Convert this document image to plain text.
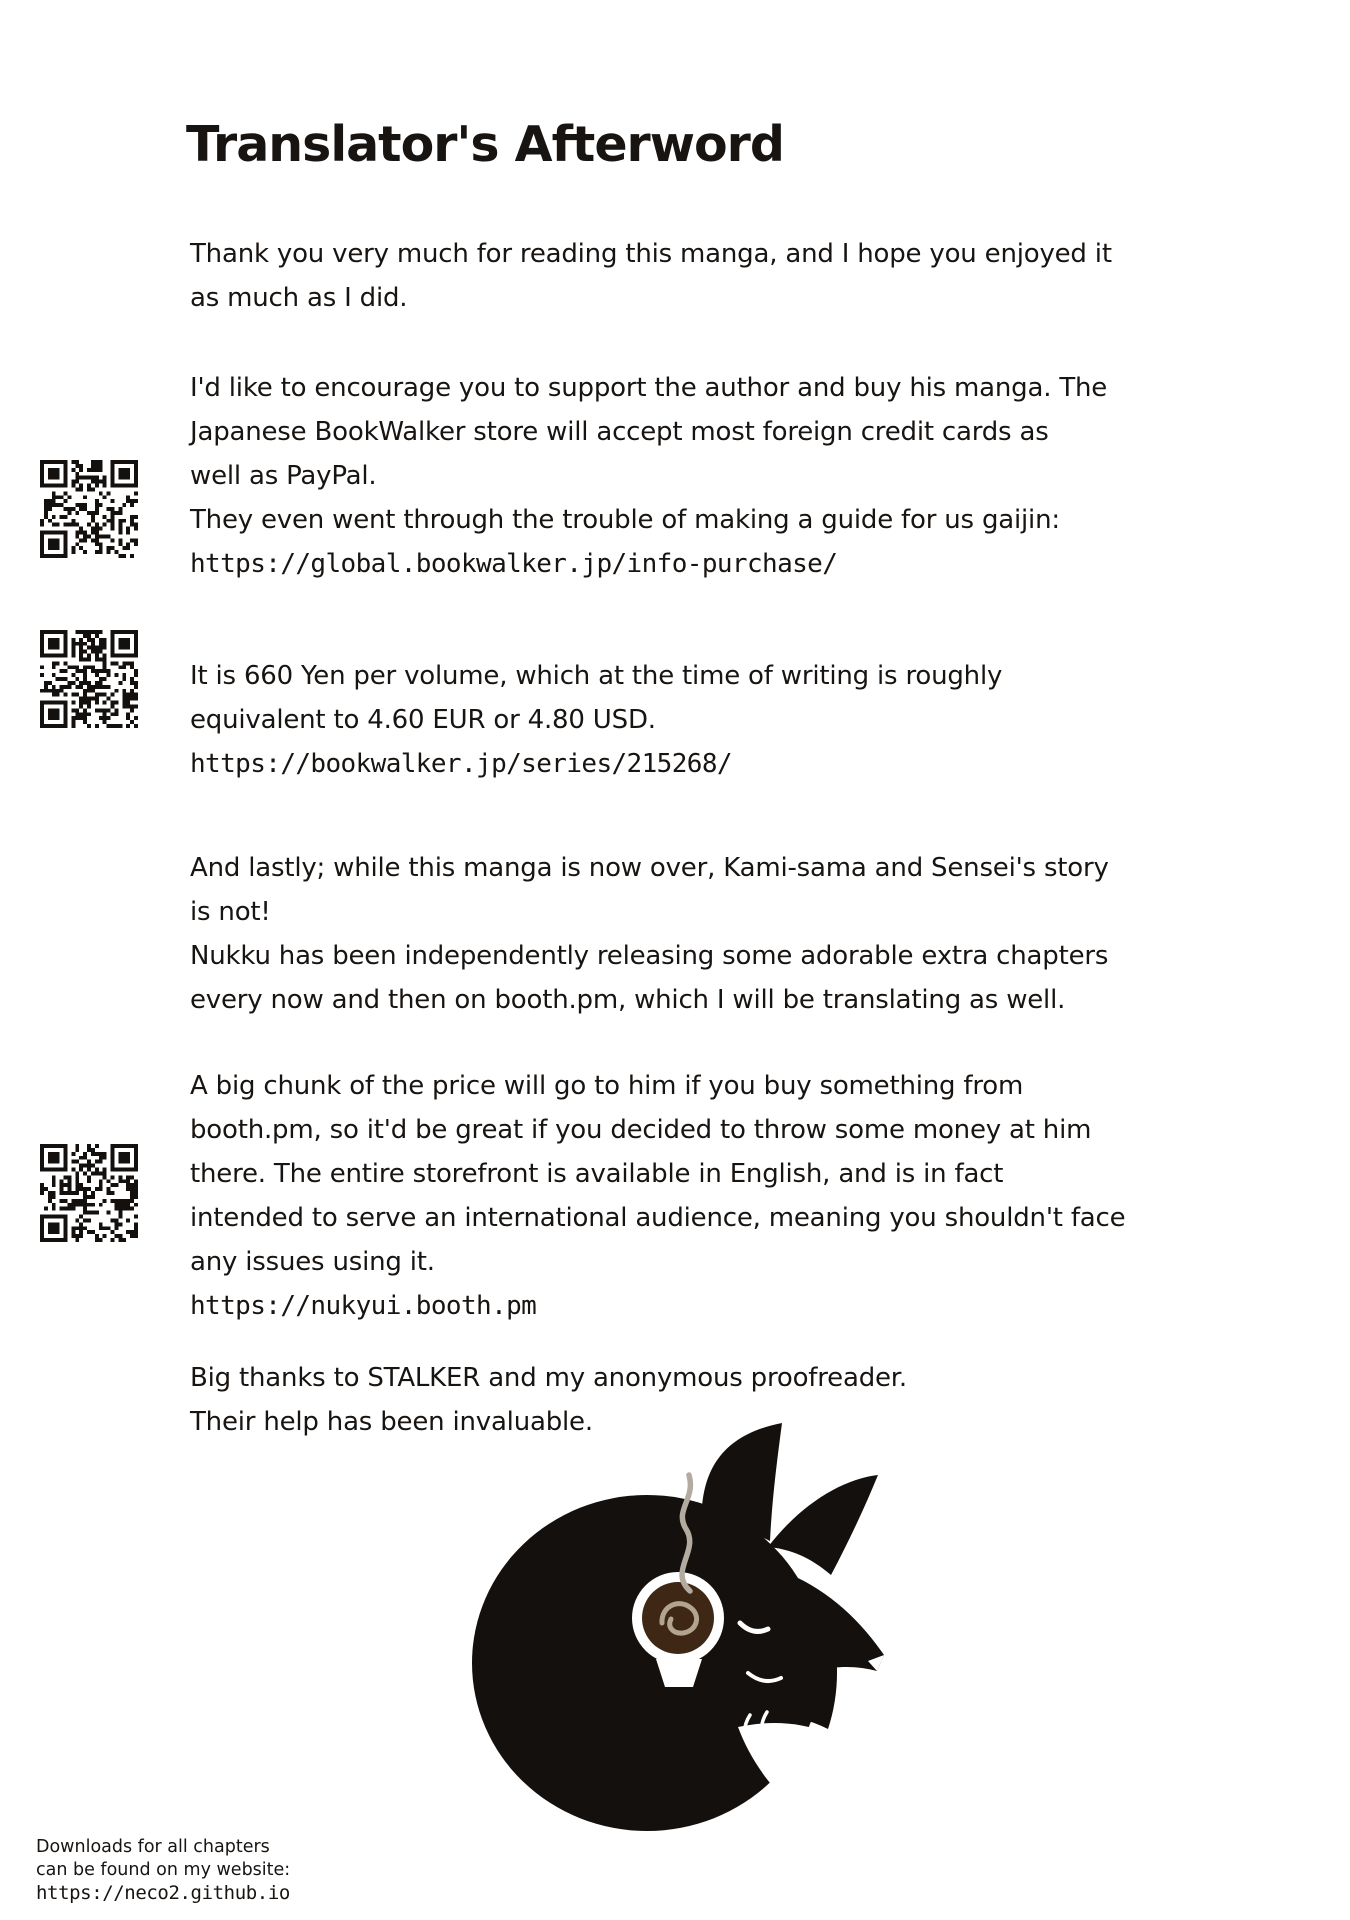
Translator's Afterword
Thank you very much for reading this manga, and I hope you enjoyed it
as much as I did.
I'd like to encourage you to support the author and buy his manga. The
Japanese BookWalker store will accept most foreign credit cards as
well as PayPal.
They even went through the trouble of making a guide for us gaijin:
https://global.bookwalker.jp/info-purchase/
It is 660 Yen per volume, which at the time of writing is roughly
equivalent to 4.60 EUR or 4.80 USD.
https://bookwalker.jp/series/215268/
And lastly; while this manga is now over, Kami-sama and Sensei's story
is not!
Nukku has been independently releasing some adorable extra chapters
every now and then on booth.pm, which I will be translating as well.
A big chunk of the price will go to him if you buy something from
booth.pm, so it'd be great if you decided to throw some money at him
there. The entire storefront is available in English, and is in fact
intended to serve an international audience, meaning you shouldn't face
any issues using it.
https://nukyui.booth.pm
Big thanks to STALKER and my anonymous proofreader.
Their help has been invaluable.
Downloads for all chapters
can be found on my website:
https://neco2.github.io
